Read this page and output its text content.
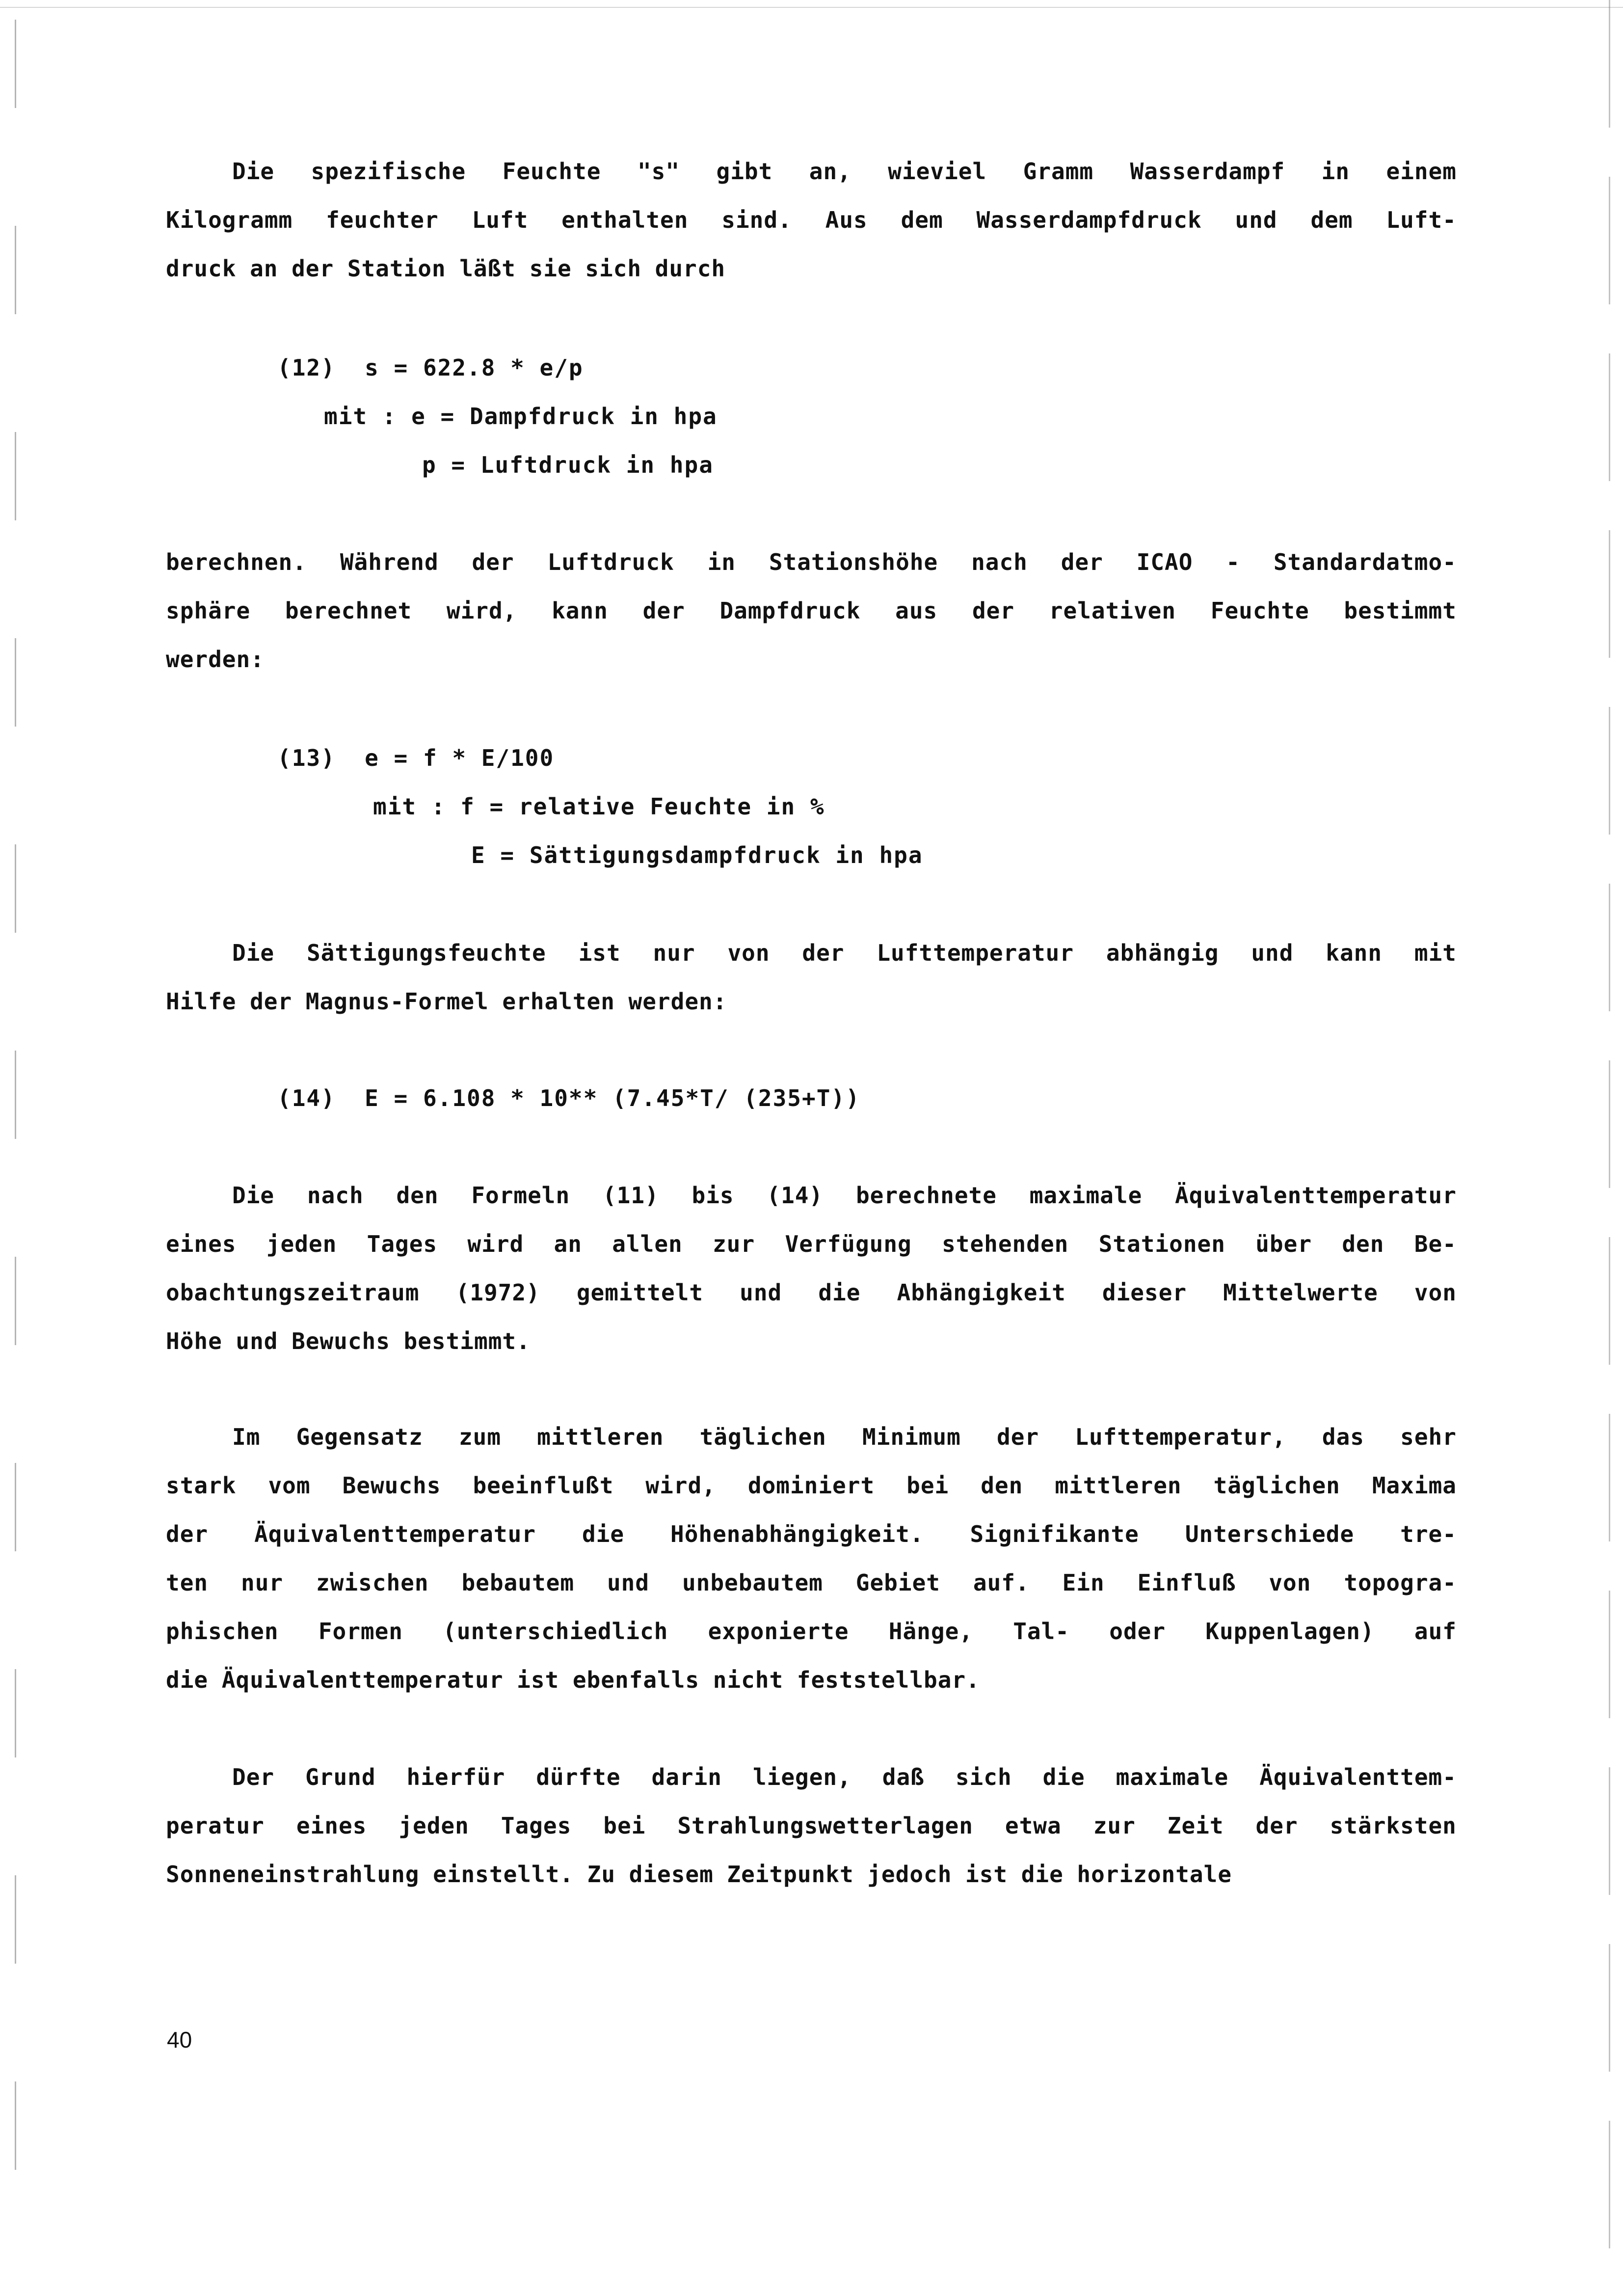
Die spezifische Feuchte "s" gibt an, wieviel Gramm Wasserdampf in einem
Kilogramm feuchter Luft enthalten sind. Aus dem Wasserdampfdruck und dem Luft-
druck an der Station läßt sie sich durch
(12)  s = 622.8 * e/p
mit : e = Dampfdruck in hpa
p = Luftdruck in hpa
berechnen. Während der Luftdruck in Stationshöhe nach der ICAO - Standardatmo-
sphäre berechnet wird, kann der Dampfdruck aus der relativen Feuchte bestimmt
werden:
(13)  e = f * E/100
mit : f = relative Feuchte in %
E = Sättigungsdampfdruck in hpa
Die Sättigungsfeuchte ist nur von der Lufttemperatur abhängig und kann mit
Hilfe der Magnus-Formel erhalten werden:
(14)  E = 6.108 * 10** (7.45*T/ (235+T))
Die nach den Formeln (11) bis (14) berechnete maximale Äquivalenttemperatur
eines jeden Tages wird an allen zur Verfügung stehenden Stationen über den Be-
obachtungszeitraum (1972) gemittelt und die Abhängigkeit dieser Mittelwerte von
Höhe und Bewuchs bestimmt.
Im Gegensatz zum mittleren täglichen Minimum der Lufttemperatur, das sehr
stark vom Bewuchs beeinflußt wird, dominiert bei den mittleren täglichen Maxima
der Äquivalenttemperatur die Höhenabhängigkeit. Signifikante Unterschiede tre-
ten nur zwischen bebautem und unbebautem Gebiet auf. Ein Einfluß von topogra-
phischen Formen (unterschiedlich exponierte Hänge, Tal- oder Kuppenlagen) auf
die Äquivalenttemperatur ist ebenfalls nicht feststellbar.
Der Grund hierfür dürfte darin liegen, daß sich die maximale Äquivalenttem-
peratur eines jeden Tages bei Strahlungswetterlagen etwa zur Zeit der stärksten
Sonneneinstrahlung einstellt. Zu diesem Zeitpunkt jedoch ist die horizontale
40
